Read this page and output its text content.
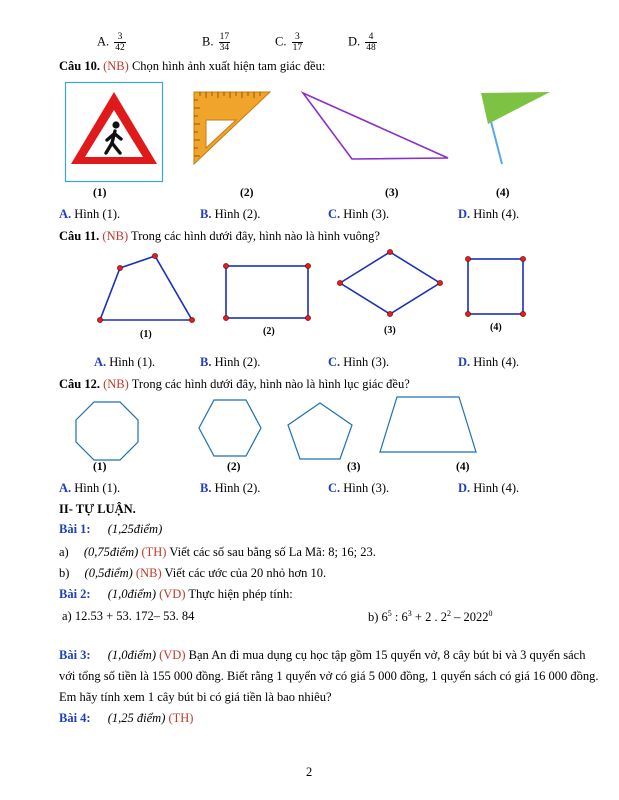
A. $\frac{3}{42}$	B. $\frac{17}{34}$	C. $\frac{3}{17}$	D. $\frac{4}{48}$
Câu 10. (NB) Chọn hình ảnh xuất hiện tam giác đều:
(1)	(2)	(3)	(4)
A. Hình (1).	B. Hình (2).	C. Hình (3).	D. Hình (4).
Câu 11. (NB) Trong các hình dưới đây, hình nào là hình vuông?
(1)	(2)	(3)	(4)
A. Hình (1).	B. Hình (2).	C. Hình (3).	D. Hình (4).
Câu 12. (NB) Trong các hình dưới đây, hình nào là hình lục giác đều?
(1)	(2)	(3)	(4)
A. Hình (1).	B. Hình (2).	C. Hình (3).	D. Hình (4).
II- TỰ LUẬN.
Bài 1: (1,25điểm)
a) (0,75điểm) (TH) Viết các số sau bằng số La Mã: 8; 16; 23.
b) (0,5điểm) (NB) Viết các ước của 20 nhỏ hơn 10.
Bài 2: (1,0điểm) (VD) Thực hiện phép tính:
a) 12.53 + 53. 172– 53. 84	b) $6^5$ : $6^3 + 2$ . $2^2 - 2022^0$
Bài 3: (1,0điểm) (VD) Bạn An đi mua dụng cụ học tập gồm 15 quyển vở, 8 cây bút bi và 3 quyển sách với tổng số tiền là 155 000 đồng. Biết rằng 1 quyển vở có giá 5 000 đồng, 1 quyển sách có giá 16 000 đồng. Em hãy tính xem 1 cây bút bi có giá tiền là bao nhiêu?
Bài 4: (1,25 điểm) (TH)
2
